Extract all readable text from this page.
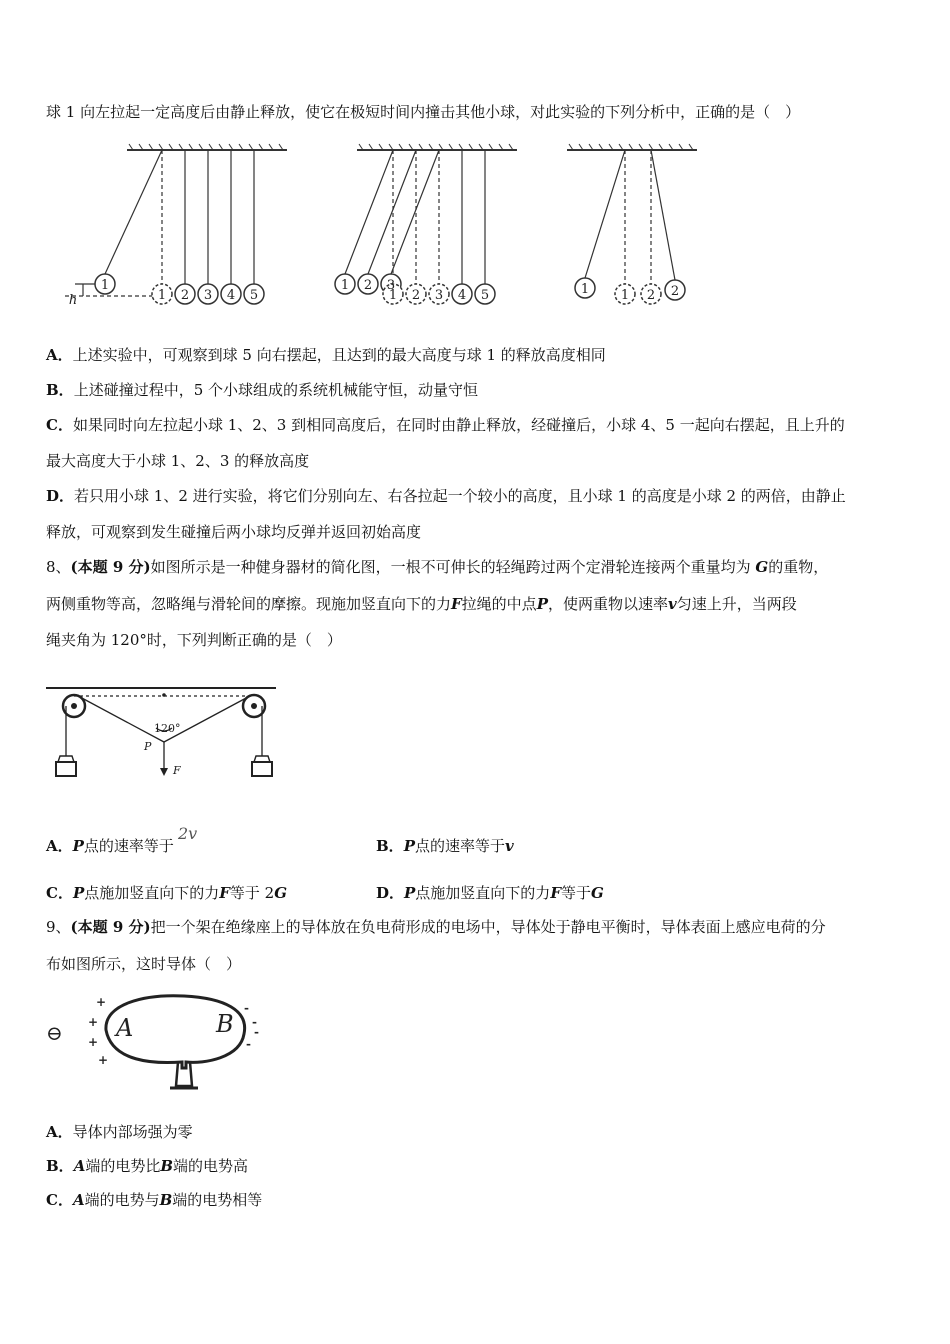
球 1 向左拉起一定高度后由静止释放，使它在极短时间内撞击其他小球，对此实验的下列分析中，正确的是（　）
1
1 2 3 4 5
1 2 3
1 2 3 4 5	1 1 2 2
h
A．上述实验中，可观察到球 5 向右摆起，且达到的最大高度与球 1 的释放高度相同
B．上述碰撞过程中，5 个小球组成的系统机械能守恒，动量守恒
C．如果同时向左拉起小球 1、2、3 到相同高度后，在同时由静止释放，经碰撞后，小球 4、5 一起向右摆起，且上升的
最大高度大于小球 1、2、3 的释放高度
D．若只用小球 1、2 进行实验，将它们分别向左、右各拉起一个较小的高度，且小球 1 的高度是小球 2 的两倍，由静止
释放，可观察到发生碰撞后两小球均反弹并返回初始高度
8、(本题 9 分)如图所示是一种健身器材的简化图，一根不可伸长的轻绳跨过两个定滑轮连接两个重量均为 G的重物，
两侧重物等高，忽略绳与滑轮间的摩擦。现施加竖直向下的力F拉绳的中点P，使两重物以速率v匀速上升，当两段
绳夹角为 120°时，下列判断正确的是（　）
120°
P
F
A．P点的速率等于2v
B．P点的速率等于v
C．P点施加竖直向下的力F等于 2G	D．P点施加竖直向下的力F等于G
9、(本题 9 分)把一个架在绝缘座上的导体放在负电荷形成的电场中，导体处于静电平衡时，导体表面上感应电荷的分
布如图所示，这时导体（　）
+
+
+
+
-
-
-
-
⊖ A	B
A．导体内部场强为零
B．A端的电势比B端的电势高
C．A端的电势与B端的电势相等
